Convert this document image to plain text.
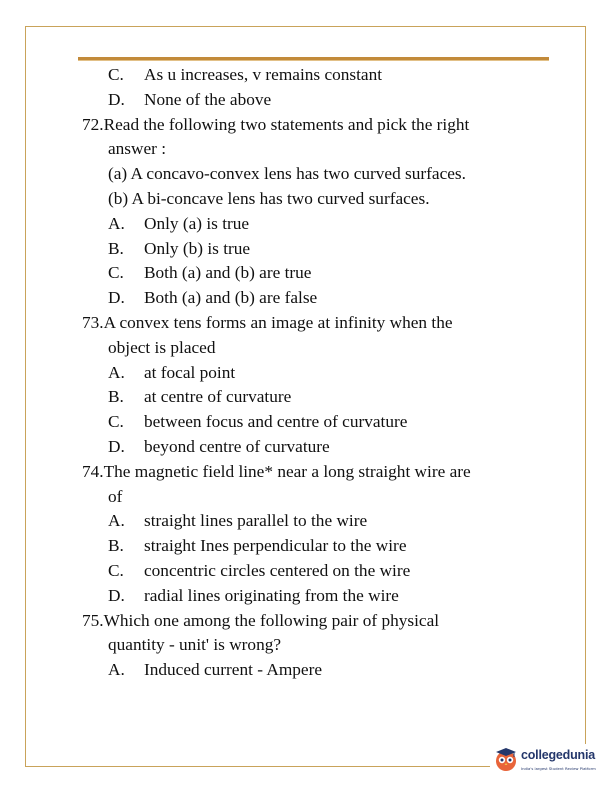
C. As u increases, v remains constant
D. None of the above
72.Read the following two statements and pick the right
answer :
(a) A concavo-convex lens has two curved surfaces.
(b) A bi-concave lens has two curved surfaces.
A. Only (a) is true
B. Only (b) is true
C. Both (a) and (b) are true
D. Both (a) and (b) are false
73.A convex tens forms an image at infinity when the
object is placed
A. at focal point
B. at centre of curvature
C. between focus and centre of curvature
D. beyond centre of curvature
74.The magnetic field line* near a long straight wire are
of
A. straight lines parallel to the wire
B. straight Ines perpendicular to the wire
C. concentric circles centered on the wire
D. radial lines originating from the wire
75.Which one among the following pair of physical
quantity - unit' is wrong?
A. Induced current - Ampere
collegedunia
India's largest Student Review Platform
